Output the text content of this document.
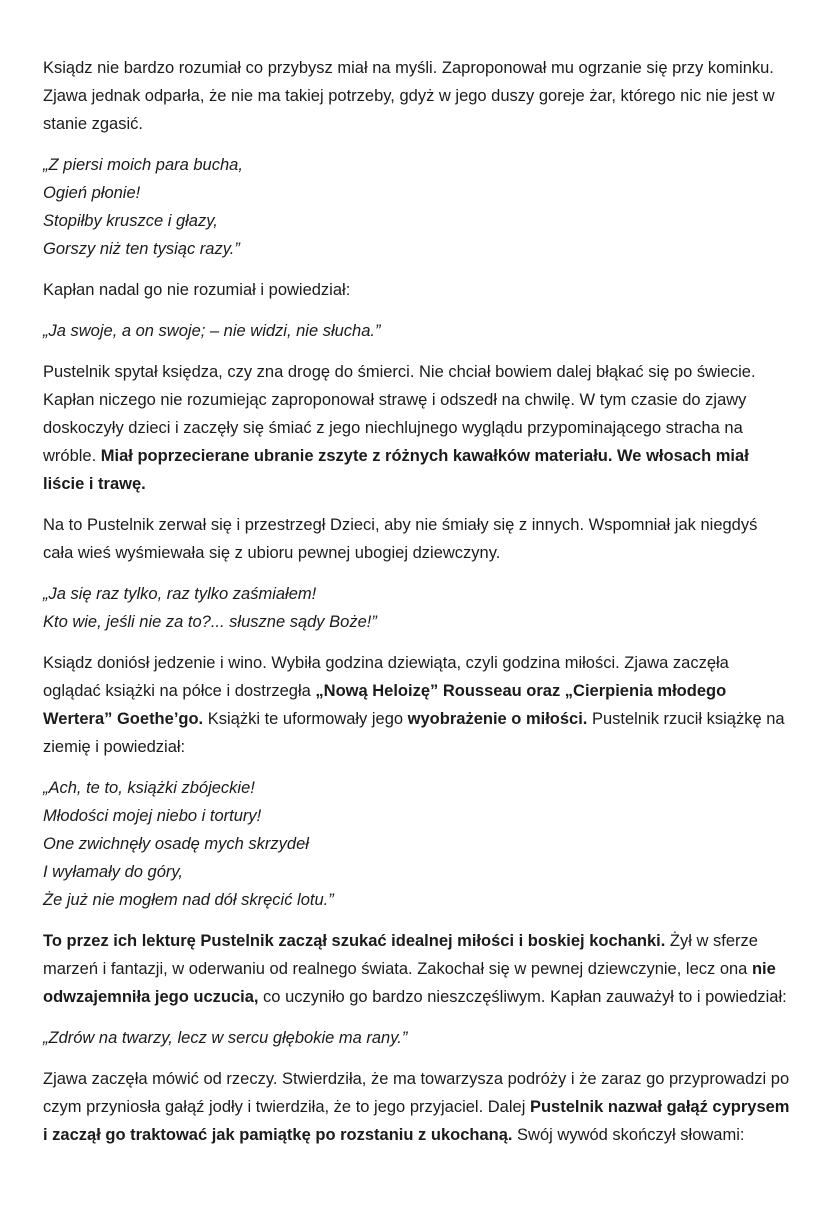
Ksiądz nie bardzo rozumiał co przybysz miał na myśli. Zaproponował mu ogrzanie się przy kominku. Zjawa jednak odparła, że nie ma takiej potrzeby, gdyż w jego duszy goreje żar, którego nic nie jest w stanie zgasić.

„Z piersi moich para bucha,
Ogień płonie!
Stopiłby kruszce i głazy,
Gorszy niż ten tysiąc razy.”

Kapłan nadal go nie rozumiał i powiedział:

„Ja swoje, a on swoje; – nie widzi, nie słucha.”

Pustelnik spytał księdza, czy zna drogę do śmierci. Nie chciał bowiem dalej błąkać się po świecie. Kapłan niczego nie rozumiejąc zaproponował strawę i odszedł na chwilę. W tym czasie do zjawy doskoczyły dzieci i zaczęły się śmiać z jego niechlujnego wyglądu przypominającego stracha na wróble. Miał poprzecierane ubranie zszyte z różnych kawałków materiału. We włosach miał liście i trawę.

Na to Pustelnik zerwał się i przestrzegł Dzieci, aby nie śmiały się z innych. Wspomniał jak niegdyś cała wieś wyśmiewała się z ubioru pewnej ubogiej dziewczyny.

„Ja się raz tylko, raz tylko zaśmiałem!
Kto wie, jeśli nie za to?... słuszne sądy Boże!”

Ksiądz doniósł jedzenie i wino. Wybiła godzina dziewiąta, czyli godzina miłości. Zjawa zaczęła oglądać książki na półce i dostrzegła „Nową Heloizę” Rousseau oraz „Cierpienia młodego Wertera” Goethe’go. Książki te uformowały jego wyobrażenie o miłości. Pustelnik rzucił książkę na ziemię i powiedział:

„Ach, te to, książki zbójeckie!
Młodości mojej niebo i tortury!
One zwichnęły osadę mych skrzydeł
I wyłamały do góry,
Że już nie mogłem nad dół skręcić lotu.”

To przez ich lekturę Pustelnik zaczął szukać idealnej miłości i boskiej kochanki. Żył w sferze marzeń i fantazji, w oderwaniu od realnego świata. Zakochał się w pewnej dziewczynie, lecz ona nie odwzajemniła jego uczucia, co uczyniło go bardzo nieszczęśliwym. Kapłan zauważył to i powiedział:

„Zdrów na twarzy, lecz w sercu głębokie ma rany.”

Zjawa zaczęła mówić od rzeczy. Stwierdziła, że ma towarzysza podróży i że zaraz go przyprowadzi po czym przyniosła gałąź jodły i twierdziła, że to jego przyjaciel. Dalej Pustelnik nazwał gałąź cyprysem i zaczął go traktować jak pamiątkę po rozstaniu z ukochaną. Swój wywód skończył słowami:
